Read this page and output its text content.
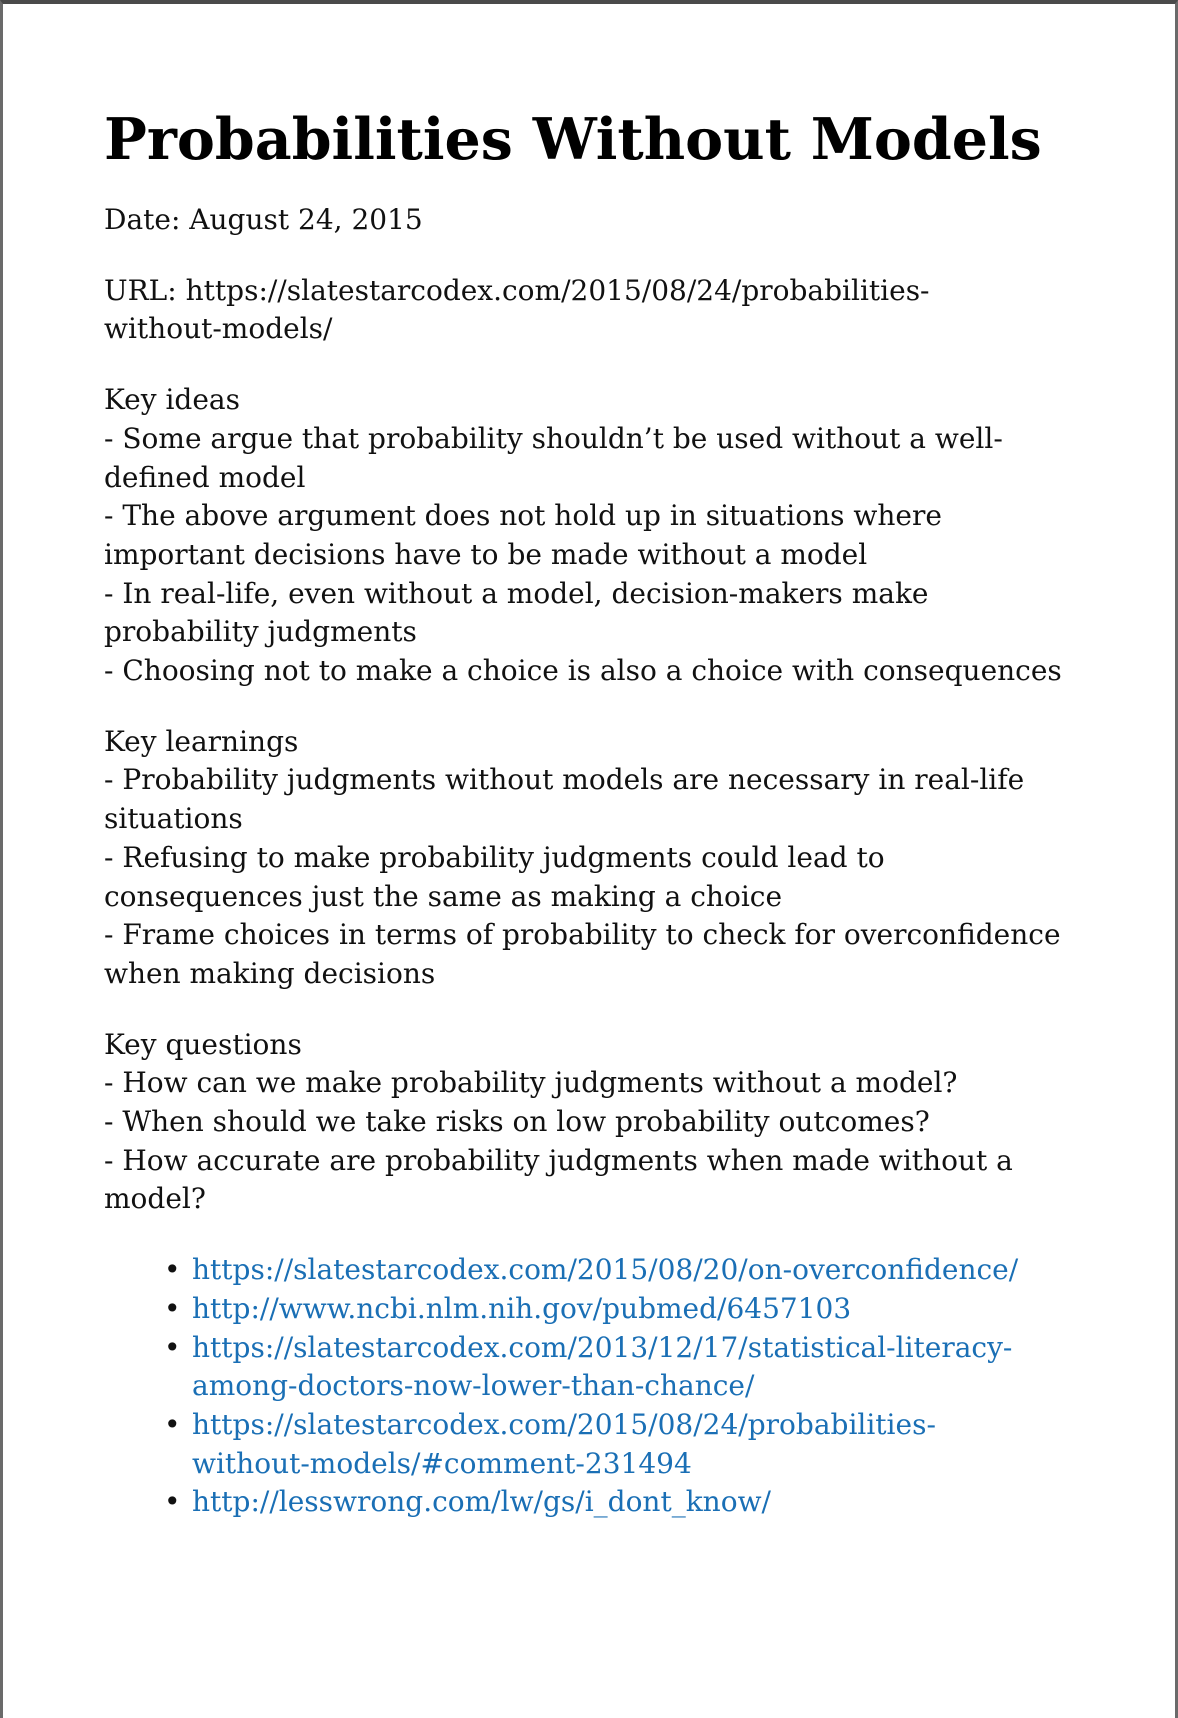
Probabilities Without Models

Date: August 24, 2015

URL: https://slatestarcodex.com/2015/08/24/probabilities-
without-models/

Key ideas
- Some argue that probability shouldn’t be used without a well-
defined model
- The above argument does not hold up in situations where
important decisions have to be made without a model
- In real-life, even without a model, decision-makers make
probability judgments
- Choosing not to make a choice is also a choice with consequences
Key learnings
- Probability judgments without models are necessary in real-life
situations
- Refusing to make probability judgments could lead to
consequences just the same as making a choice
- Frame choices in terms of probability to check for overconfidence
when making decisions
Key questions
- How can we make probability judgments without a model?
- When should we take risks on low probability outcomes?
- How accurate are probability judgments when made without a
model?
• https://slatestarcodex.com/2015/08/20/on-overconfidence/
• http://www.ncbi.nlm.nih.gov/pubmed/6457103
• https://slatestarcodex.com/2013/12/17/statistical-literacy-
among-doctors-now-lower-than-chance/
• https://slatestarcodex.com/2015/08/24/probabilities-
without-models/#comment-231494
• http://lesswrong.com/lw/gs/i_dont_know/
